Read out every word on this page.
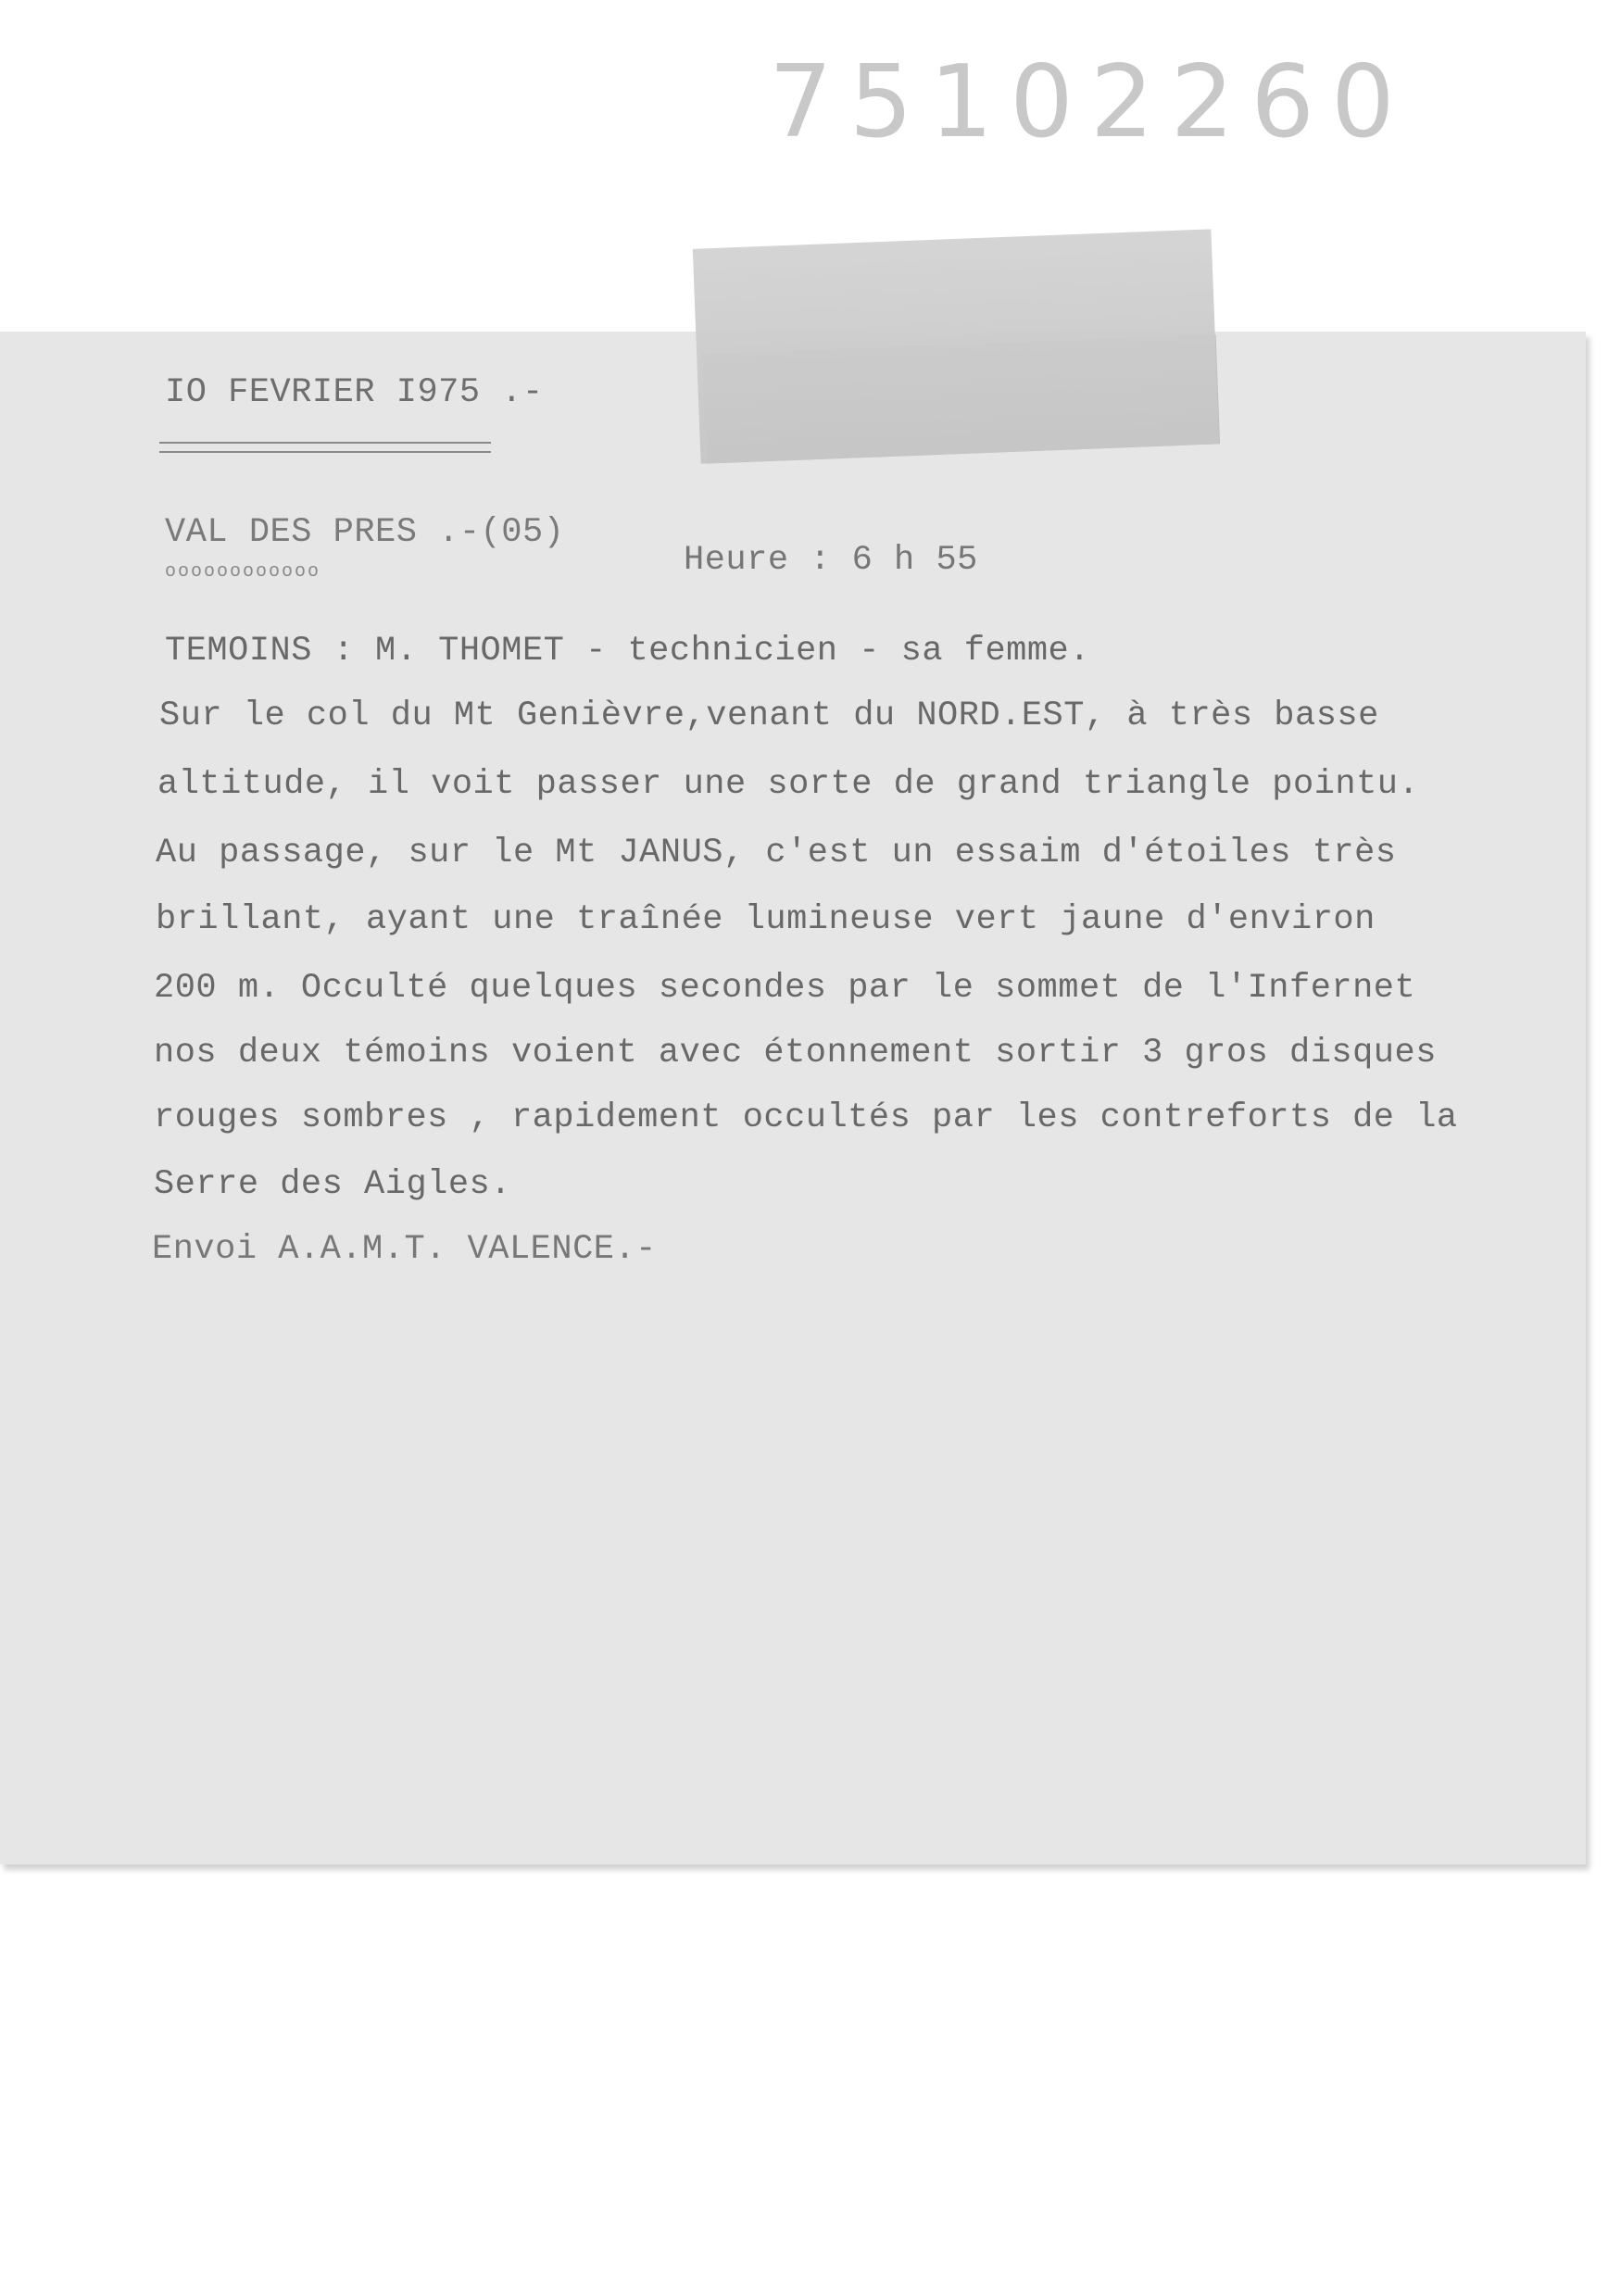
75102260
IO FEVRIER I975 .-
VAL DES PRES .-(05)
oooooooooooo	Heure : 6 h 55
TEMOINS : M. THOMET - technicien - sa femme.
Sur le col du Mt Genièvre,venant du NORD.EST, à très basse
altitude, il voit passer une sorte de grand triangle pointu.
Au passage, sur le Mt JANUS, c'est un essaim d'étoiles très
brillant, ayant une traînée lumineuse vert jaune d'environ
200 m. Occulté quelques secondes par le sommet de l'Infernet
nos deux témoins voient avec étonnement sortir 3 gros disques
rouges sombres , rapidement occultés par les contreforts de la
Serre des Aigles.
Envoi A.A.M.T. VALENCE.-
